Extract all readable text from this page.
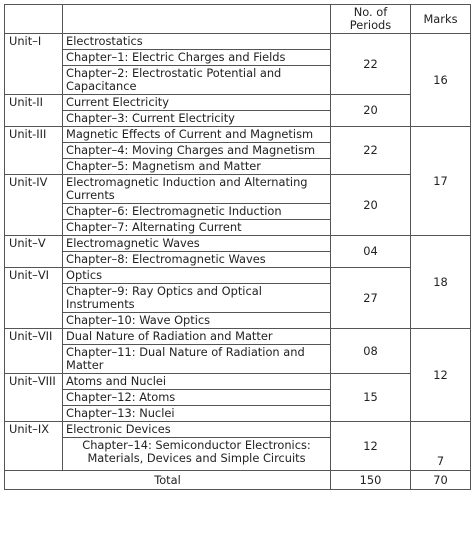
		No. of Periods	Marks
Unit–I	Electrostatics	22	16
	Chapter–1: Electric Charges and Fields		
	Chapter–2: Electrostatic Potential and Capacitance		
Unit-II	Current Electricity	20	
	Chapter–3: Current Electricity		
Unit-III	Magnetic Effects of Current and Magnetism	22	17
	Chapter–4: Moving Charges and Magnetism		
	Chapter–5: Magnetism and Matter		
Unit-IV	Electromagnetic Induction and Alternating Currents	20	
	Chapter–6: Electromagnetic Induction		
	Chapter–7: Alternating Current		
Unit–V	Electromagnetic Waves	04	18
	Chapter–8: Electromagnetic Waves		
Unit–VI	Optics	27	
	Chapter–9: Ray Optics and Optical Instruments		
	Chapter–10: Wave Optics		
Unit–VII	Dual Nature of Radiation and Matter	08	12
	Chapter–11: Dual Nature of Radiation and Matter		
Unit–VIII	Atoms and Nuclei	15	
	Chapter–12: Atoms		
	Chapter–13: Nuclei		
Unit–IX	Electronic Devices	12	7
	Chapter–14: Semiconductor Electronics: Materials, Devices and Simple Circuits		
Total		150	70
